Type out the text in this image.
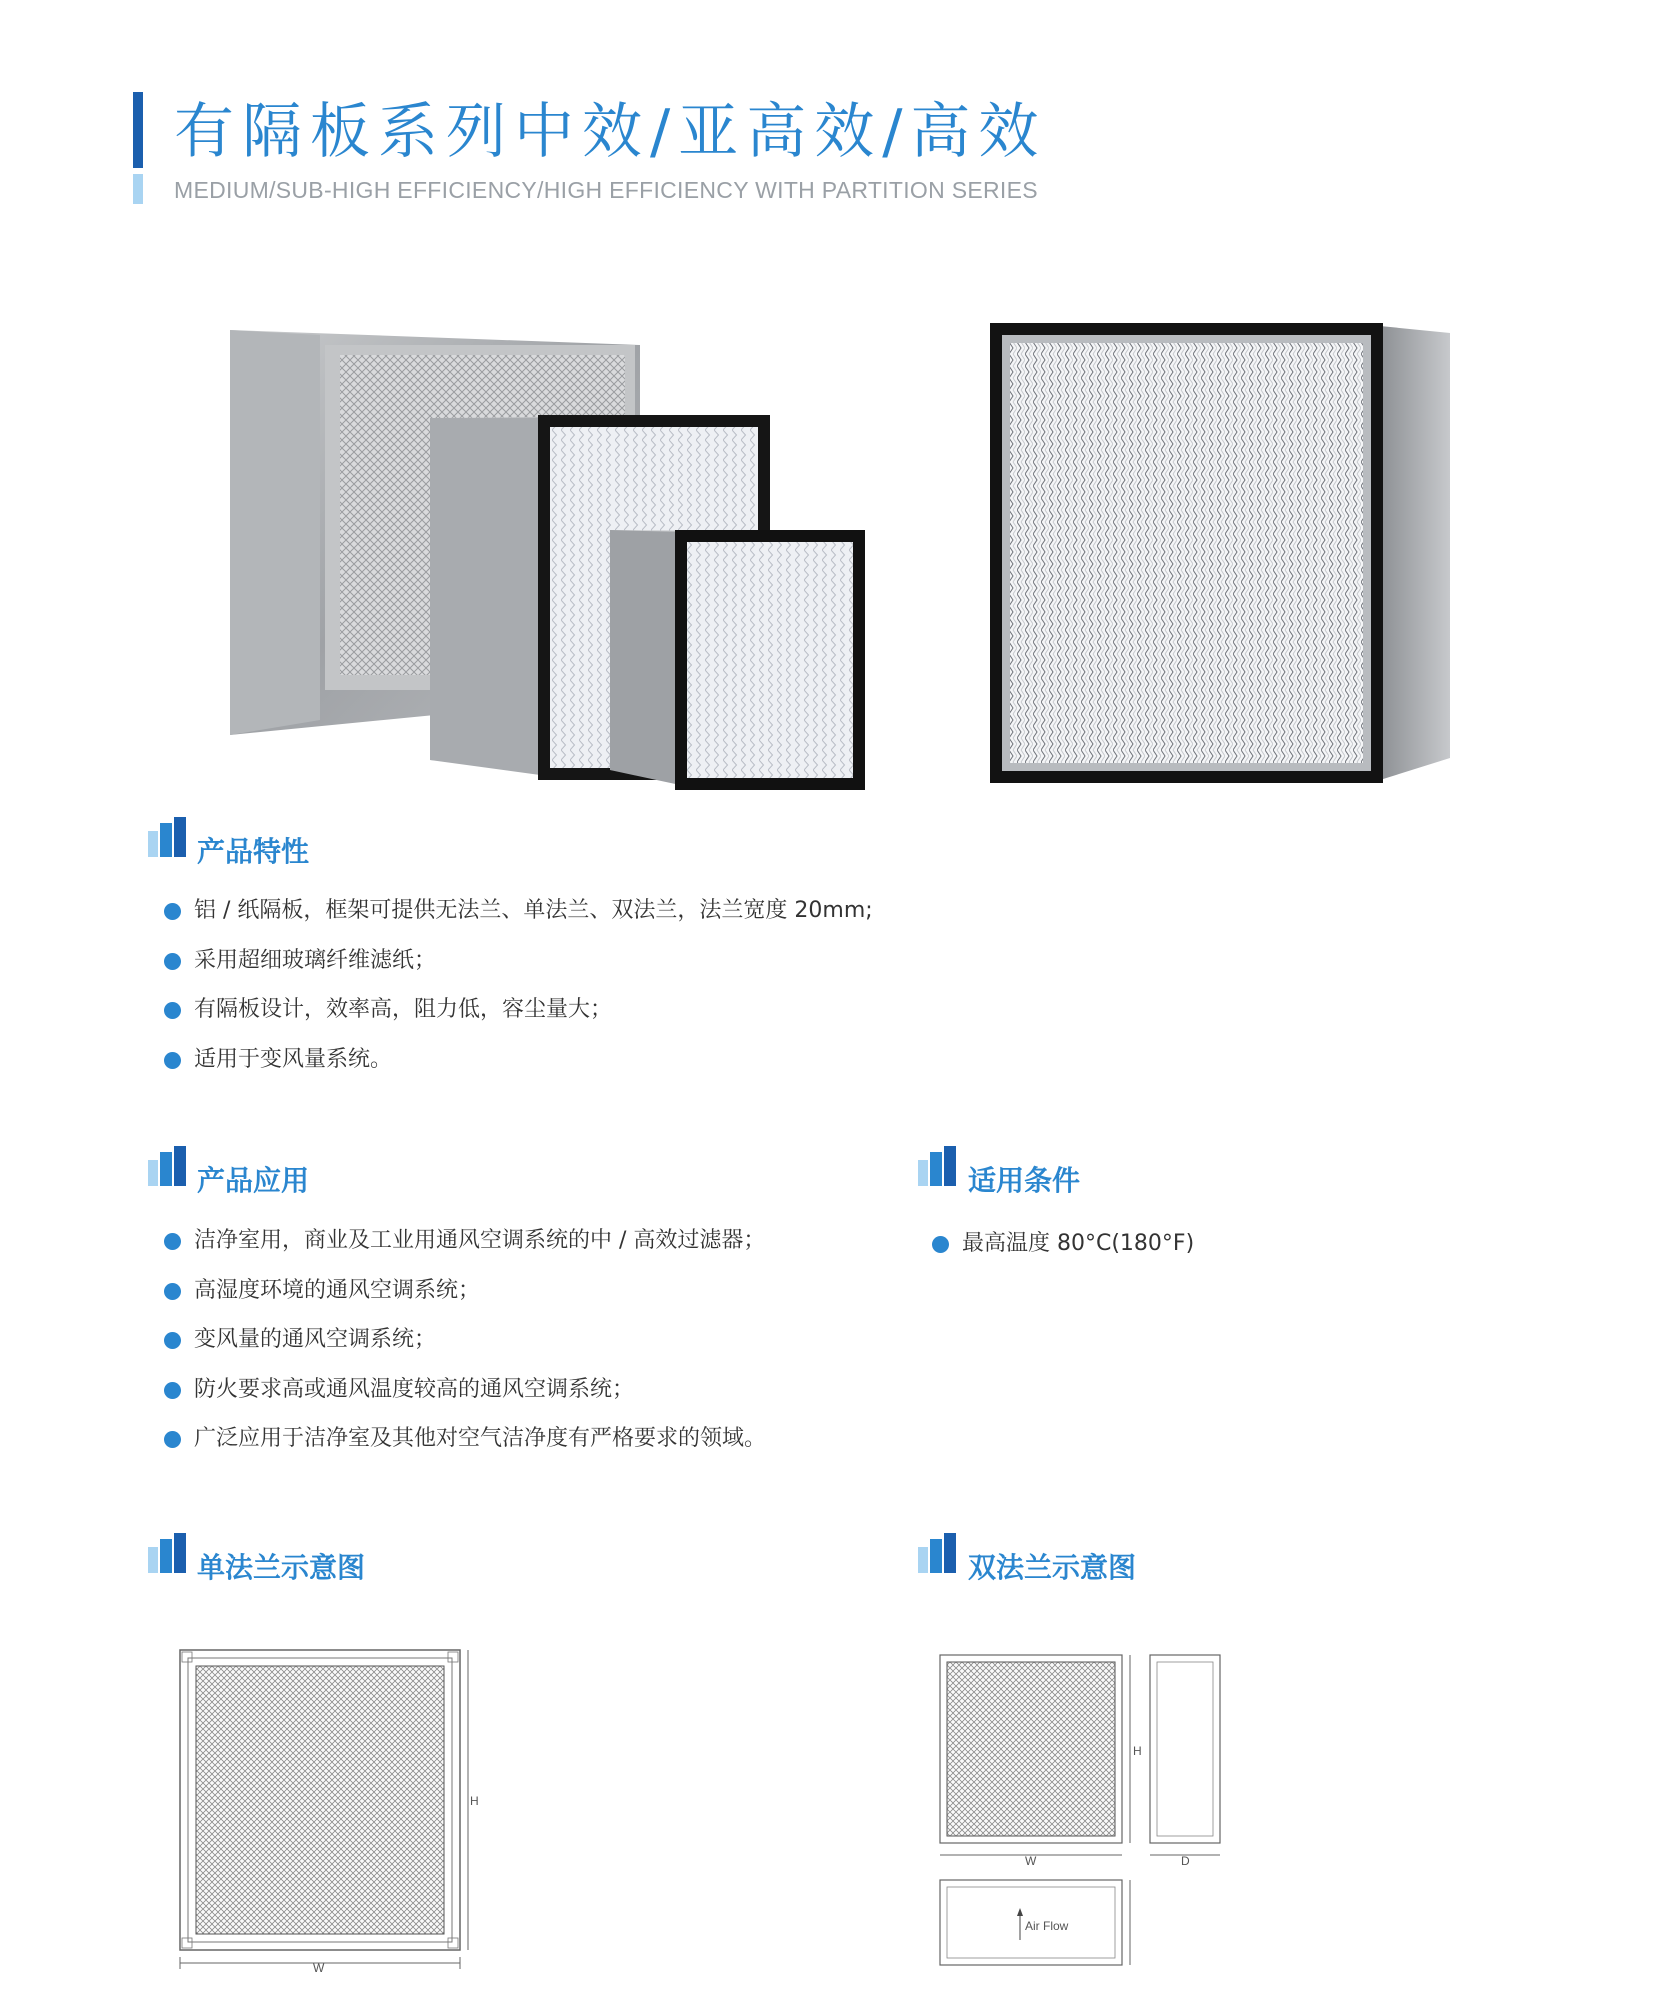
有隔板系列中效/亚高效/高效
MEDIUM/SUB-HIGH EFFICIENCY/HIGH EFFICIENCY WITH PARTITION SERIES
产品特性
铝 / 纸隔板，框架可提供无法兰、单法兰、双法兰，法兰宽度 20mm;
采用超细玻璃纤维滤纸；
有隔板设计，效率高，阻力低，容尘量大；
适用于变风量系统。
产品应用
洁净室用，商业及工业用通风空调系统的中 / 高效过滤器；
高湿度环境的通风空调系统；
变风量的通风空调系统；
防火要求高或通风温度较高的通风空调系统；
广泛应用于洁净室及其他对空气洁净度有严格要求的领域。
适用条件
最高温度 80°C(180°F)
单法兰示意图	双法兰示意图
W
H
W
H
D
Air Flow
